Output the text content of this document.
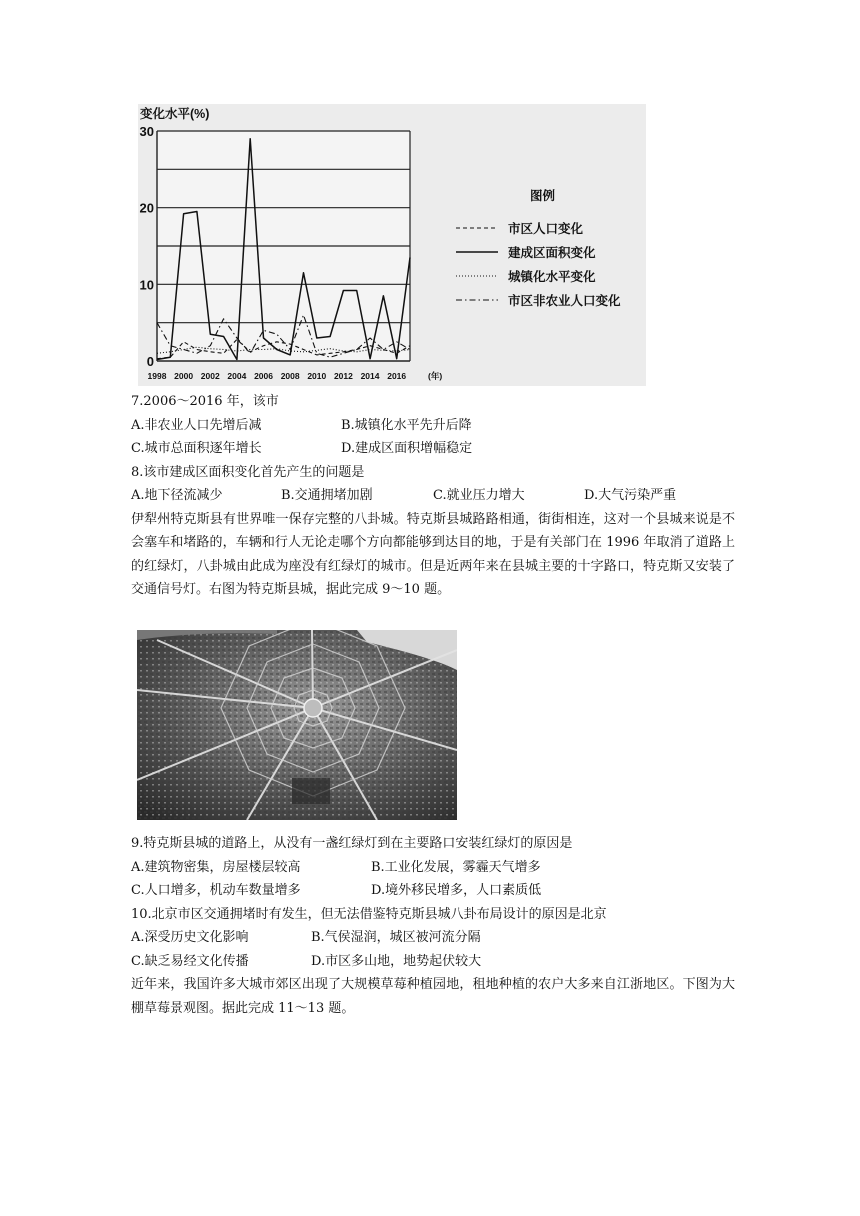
变化水平(%)
0
10
20
30
1998 2000 2002 2004 2006 2008 2010 2012 2014 2016	(年)
图例
市区人口变化
建成区面积变化
城镇化水平变化
市区非农业人口变化

7.2006～2016 年，该市

A.非农业人口先增后减	B.城镇化水平先升后降
C.城市总面积逐年增长	D.建成区面积增幅稳定

8.该市建成区面积变化首先产生的问题是

A.地下径流减少	B.交通拥堵加剧	C.就业压力增大	D.大气污染严重

伊犁州特克斯县有世界唯一保存完整的八卦城。特克斯县城路路相通，街街相连，这对一个县城来说是不会塞车和堵路的，车辆和行人无论走哪个方向都能够到达目的地，于是有关部门在 1996 年取消了道路上的红绿灯，八卦城由此成为座没有红绿灯的城市。但是近两年来在县城主要的十字路口，特克斯又安装了交通信号灯。右图为特克斯县城，据此完成 9～10 题。

9.特克斯县城的道路上，从没有一盏红绿灯到在主要路口安装红绿灯的原因是

A.建筑物密集，房屋楼层较高	B.工业化发展，雾霾天气增多
C.人口增多，机动车数量增多	D.境外移民增多，人口素质低

10.北京市区交通拥堵时有发生，但无法借鉴特克斯县城八卦布局设计的原因是北京

A.深受历史文化影响	B.气侯湿润，城区被河流分隔
C.缺乏易经文化传播	D.市区多山地，地势起伏较大

近年来，我国许多大城市郊区出现了大规模草莓种植园地，租地种植的农户大多来自江浙地区。下图为大棚草莓景观图。据此完成 11～13 题。
